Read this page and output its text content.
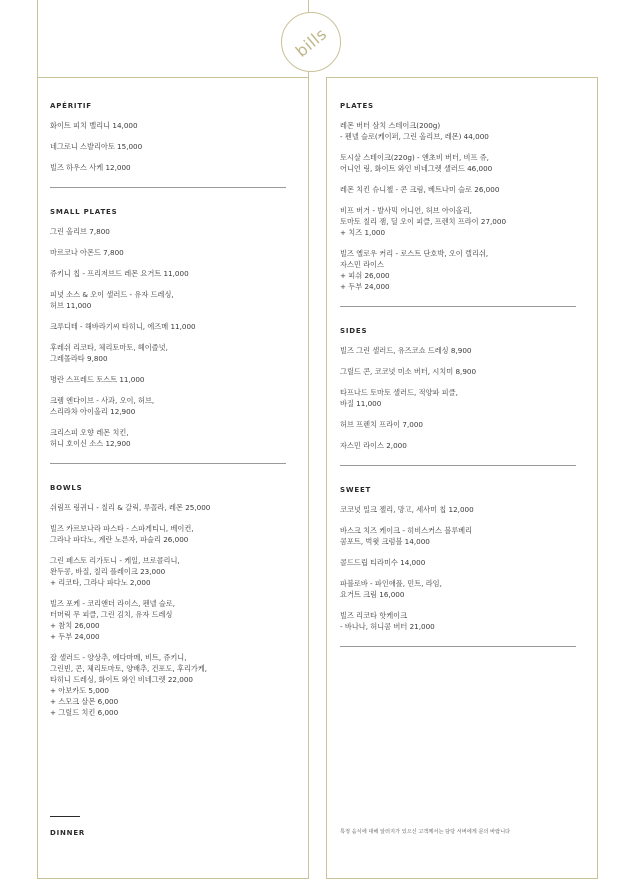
bills
APÉRITIF
화이트 피치 벨리니 14,000
네그로니 스발리아토 15,000
빌즈 하우스 사케 12,000
SMALL PLATES
그린 올리브 7,800
마르코나 아몬드 7,800
쥬키니 칩 - 프리저브드 레몬 요거트 11,000
피넛 소스 & 오이 샐러드 - 유자 드레싱,
허브 11,000
크루디테 - 해바라기씨 타히니, 에즈메 11,000
후레쉬 리코타, 체리토마토, 헤이즐넛,
그레몰라타 9,800
명란 스프레드 토스트 11,000
크렘 엔다이브 - 사과, 오이, 허브,
스리라차 아이올리 12,900
크리스피 오향 레몬 치킨,
허니 호이신 소스 12,900
BOWLS
쉬림프 링귀니 - 칠리 & 갈릭, 루꼴라, 레몬 25,000
빌즈 카르보나라 파스타 - 스파게티니, 베이컨,
그라나 파다노, 계란 노른자, 파슬리 26,000
그린 페스토 리가토니 - 케일, 브로콜리니,
완두콩, 바질, 칠리 플레이크 23,000
+ 리코타, 그라나 파다노 2,000
빌즈 포케 - 코리앤더 라이스, 펜넬 슬로,
터머릭 무 피클, 그린 김치, 유자 드레싱
+ 참치 26,000
+ 두부 24,000
잡 샐러드 - 양상추, 에다마메, 비트, 쥬키니,
그린빈, 콘, 체리토마토, 양배추, 건포도, 후리가케,
타히니 드레싱, 화이트 와인 비네그렛 22,000
+ 아보카도 5,000
+ 스모크 살몬 6,000
+ 그릴드 치킨 6,000
DINNER
PLATES
레몬 버터 삼치 스테이크(200g)
- 펜넬 슬로(케이퍼, 그린 올리브, 레몬) 44,000
토시살 스테이크(220g) - 앤초비 버터, 비프 쥬,
어니언 링, 화이트 와인 비네그렛 샐러드 46,000
레몬 치킨 슈니첼 - 콘 크림, 베트나미 슬로 26,000
비프 버거 - 발사믹 어니언, 허브 아이올리,
토마토 칠리 잼, 딜 오이 피클, 프렌치 프라이 27,000
+ 치즈 1,000
빌즈 옐로우 커리 - 로스트 단호박, 오이 렐리쉬,
자스민 라이스
+ 피쉬 26,000
+ 두부 24,000
SIDES
빌즈 그린 샐러드, 유즈코쇼 드레싱 8,900
그릴드 콘, 코코넛 미소 버터, 시치미 8,900
타프나드 토마토 샐러드, 적양파 피클,
바질 11,000
허브 프렌치 프라이 7,000
자스민 라이스 2,000
SWEET
코코넛 밀크 젤리, 망고, 세사미 칩 12,000
바스크 치즈 케이크 - 히비스커스 블루베리
콤포트, 벅윗 크럼블 14,000
콜드드립 티라미수 14,000
파블로바 - 파인애플, 민트, 라임,
요거트 크림 16,000
빌즈 리코타 핫케이크
- 바나나, 허니콤 버터 21,000
특정 음식에 대해 알러지가 있으신 고객께서는 담당 서버에게 문의 바랍니다
